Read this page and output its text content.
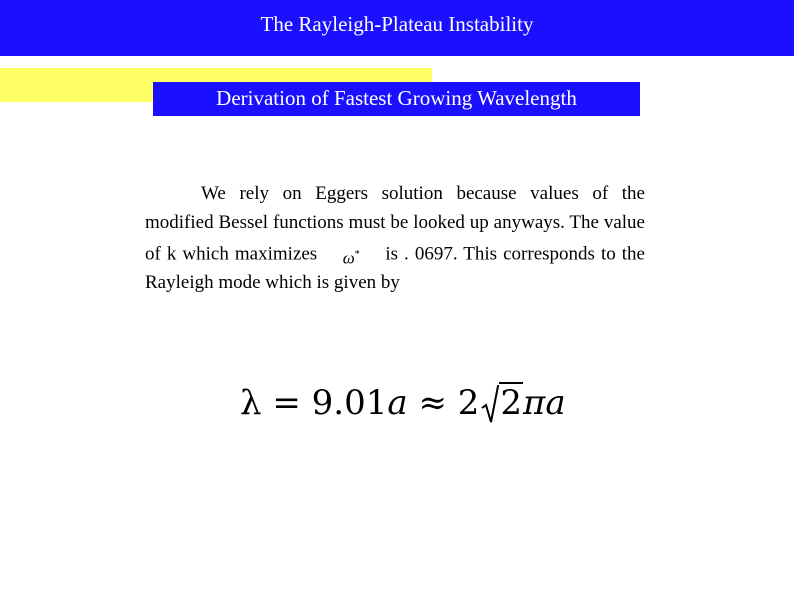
The Rayleigh-Plateau Instability
Derivation of Fastest Growing Wavelength
We rely on Eggers solution because values of the modified Bessel functions must be looked up anyways. The value of k which maximizes ω* is . 0697. This corresponds to the Rayleigh mode which is given by
λ = 9.01a ≈ 2 2πa
